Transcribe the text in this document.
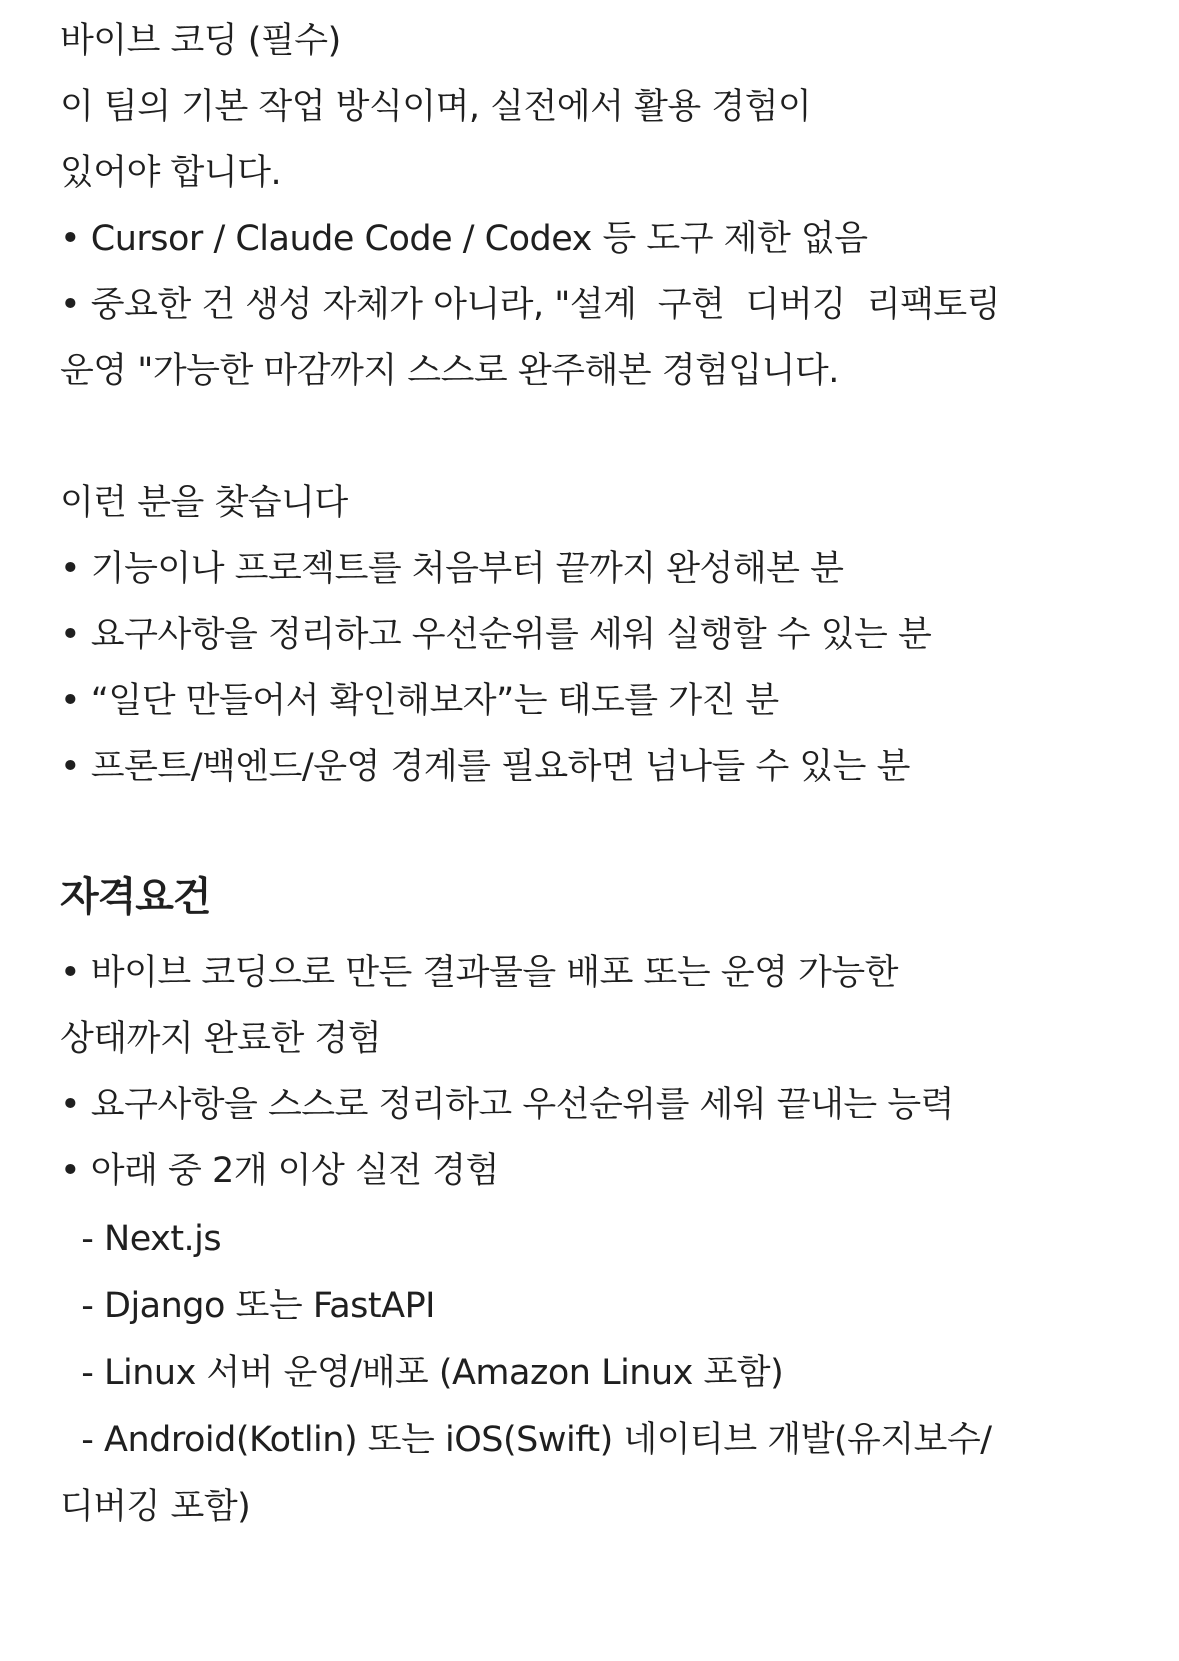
바이브 코딩 (필수)
이 팀의 기본 작업 방식이며, 실전에서 활용 경험이
있어야 합니다.
• Cursor / Claude Code / Codex 등 도구 제한 없음
• 중요한 건 생성 자체가 아니라, "설계  구현  디버깅  리팩토링
운영 "가능한 마감까지 스스로 완주해본 경험입니다.
이런 분을 찾습니다
• 기능이나 프로젝트를 처음부터 끝까지 완성해본 분
• 요구사항을 정리하고 우선순위를 세워 실행할 수 있는 분
• “일단 만들어서 확인해보자”는 태도를 가진 분
• 프론트/백엔드/운영 경계를 필요하면 넘나들 수 있는 분
자격요건
• 바이브 코딩으로 만든 결과물을 배포 또는 운영 가능한
상태까지 완료한 경험
• 요구사항을 스스로 정리하고 우선순위를 세워 끝내는 능력
• 아래 중 2개 이상 실전 경험
- Next.js
- Django 또는 FastAPI
- Linux 서버 운영/배포 (Amazon Linux 포함)
- Android(Kotlin) 또는 iOS(Swift) 네이티브 개발(유지보수/
디버깅 포함)
